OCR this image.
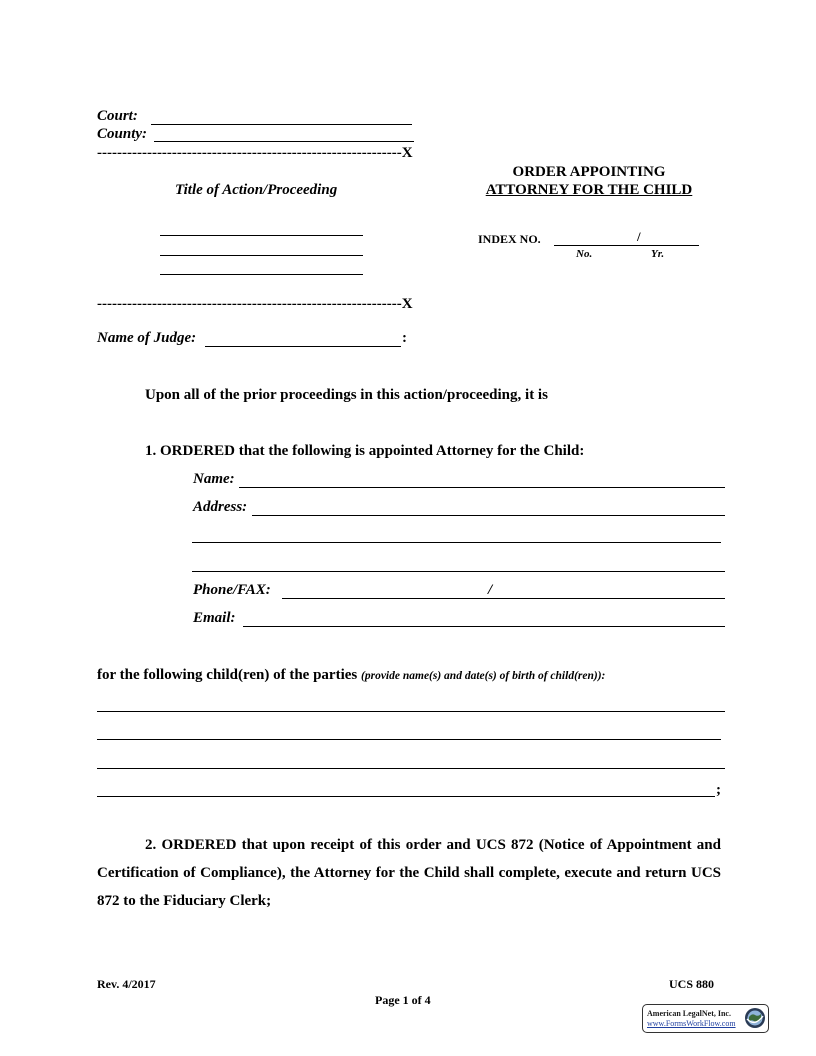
Court:
County:
-------------------------------------------------------------X
ORDER APPOINTING
ATTORNEY FOR THE CHILD
Title of Action/Proceeding
INDEX NO.	/
No.	Yr.
-------------------------------------------------------------X
Name of Judge:	:
Upon all of the prior proceedings in this action/proceeding, it is
1. ORDERED that the following is appointed Attorney for the Child:
Name:
Address:
Phone/FAX:	/
Email:
for the following child(ren) of the parties (provide name(s) and date(s) of birth of child(ren)):
;
2. ORDERED that upon receipt of this order and UCS 872 (Notice of Appointment and Certification of Compliance), the Attorney for the Child shall complete, execute and return UCS 872 to the Fiduciary Clerk;
Rev. 4/2017	UCS 880
Page 1 of 4
American LegalNet, Inc.
www.FormsWorkFlow.com
